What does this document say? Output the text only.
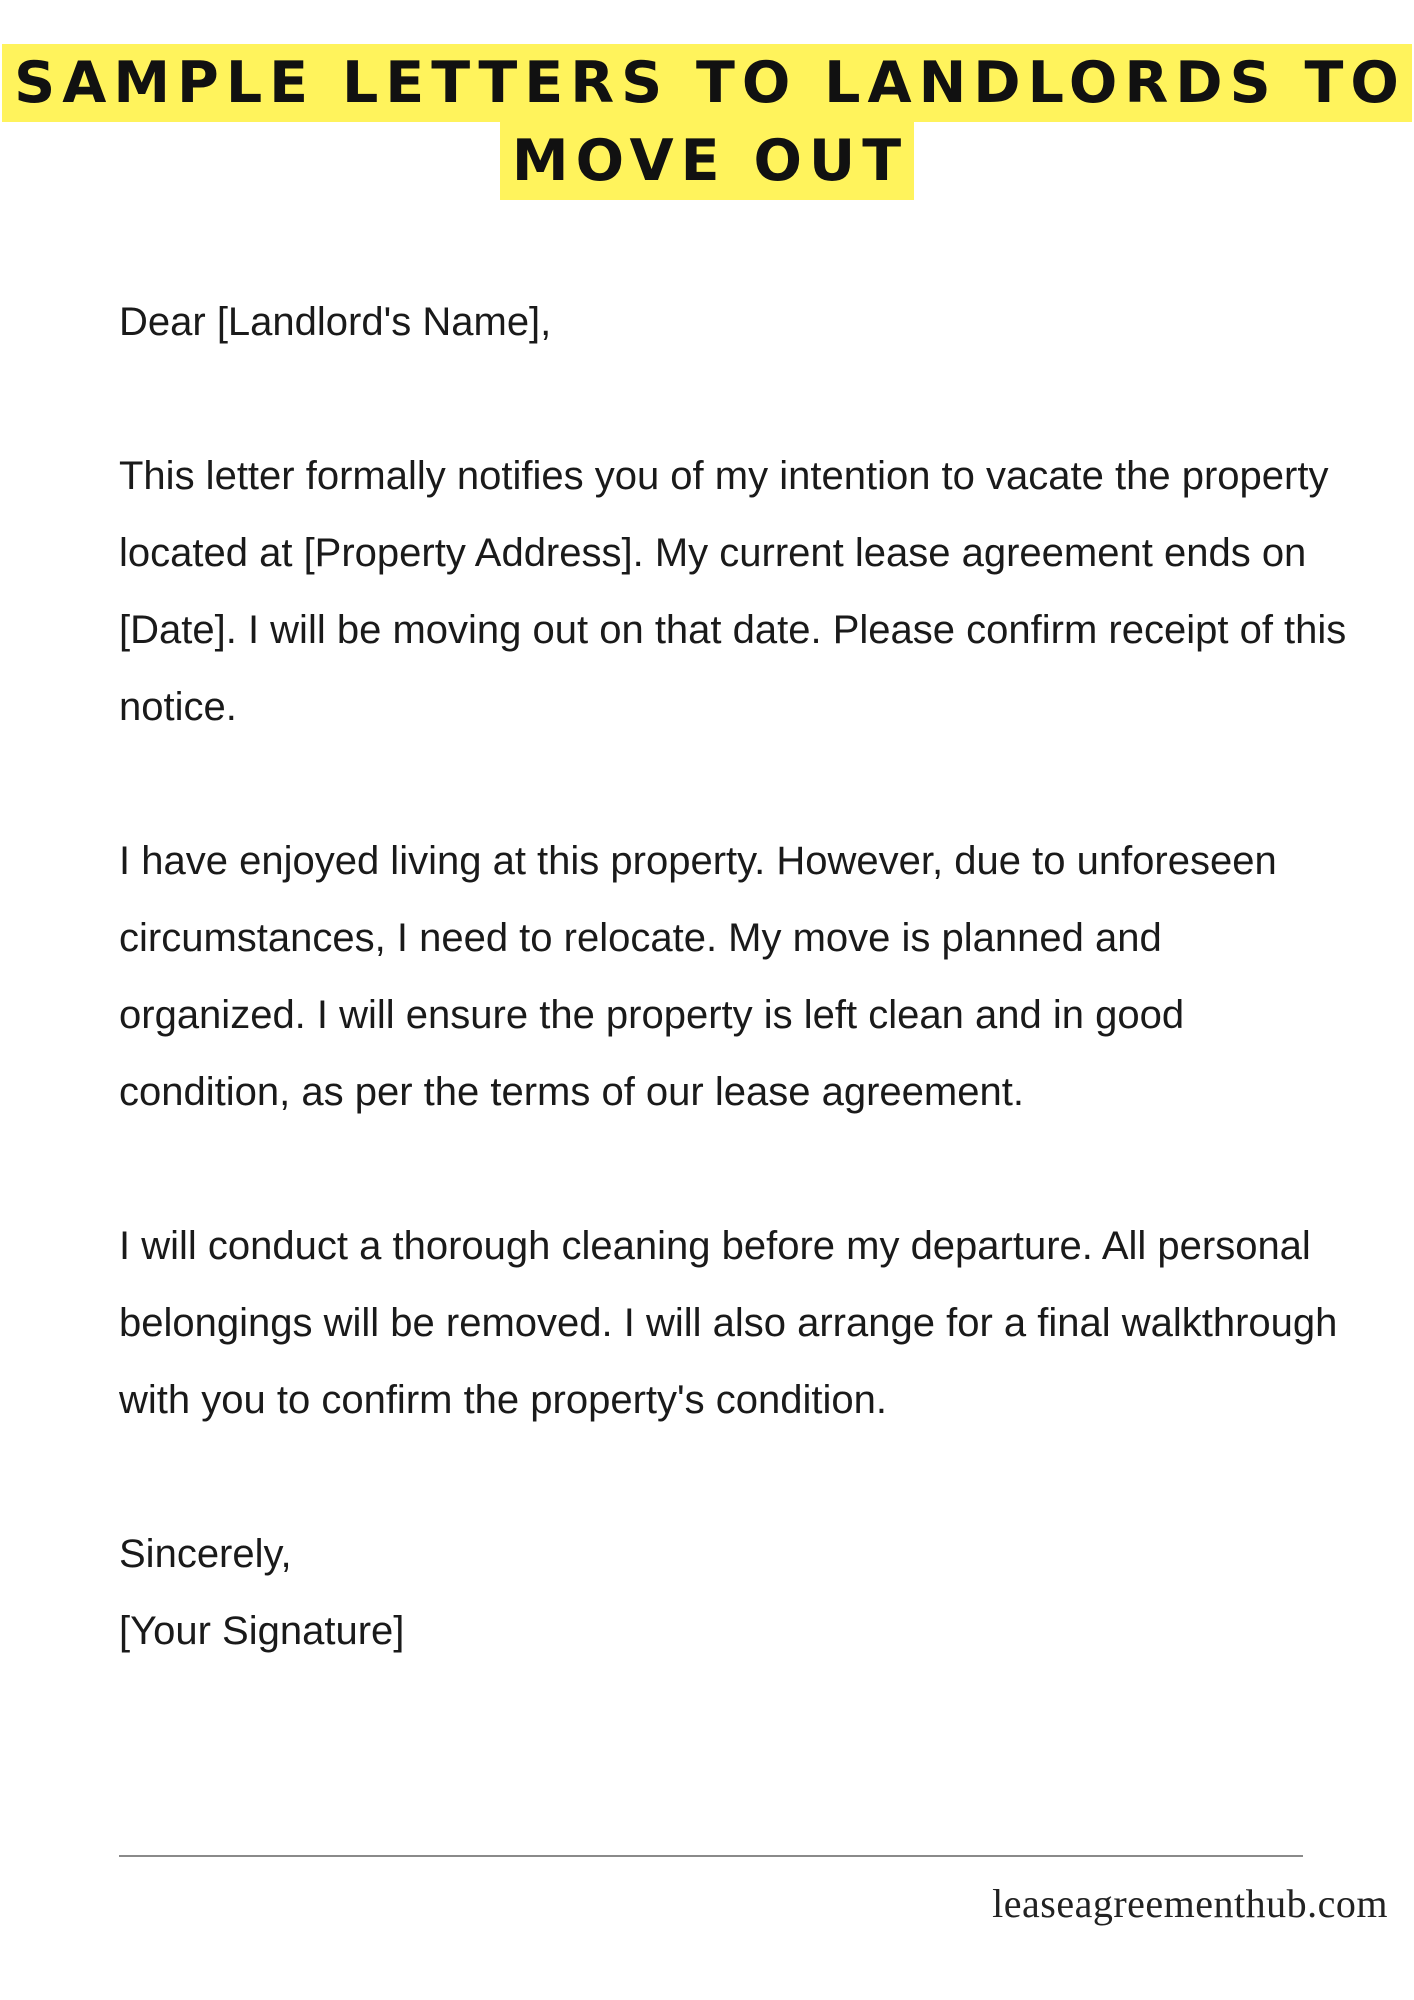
SAMPLE LETTERS TO LANDLORDS TO
MOVE OUT

Dear [Landlord's Name],

This letter formally notifies you of my intention to vacate the property located at [Property Address]. My current lease agreement ends on [Date]. I will be moving out on that date. Please confirm receipt of this notice.

I have enjoyed living at this property. However, due to unforeseen circumstances, I need to relocate. My move is planned and organized. I will ensure the property is left clean and in good condition, as per the terms of our lease agreement.

I will conduct a thorough cleaning before my departure. All personal belongings will be removed. I will also arrange for a final walkthrough with you to confirm the property's condition.

Sincerely,
[Your Signature]

leaseagreementhub.com
